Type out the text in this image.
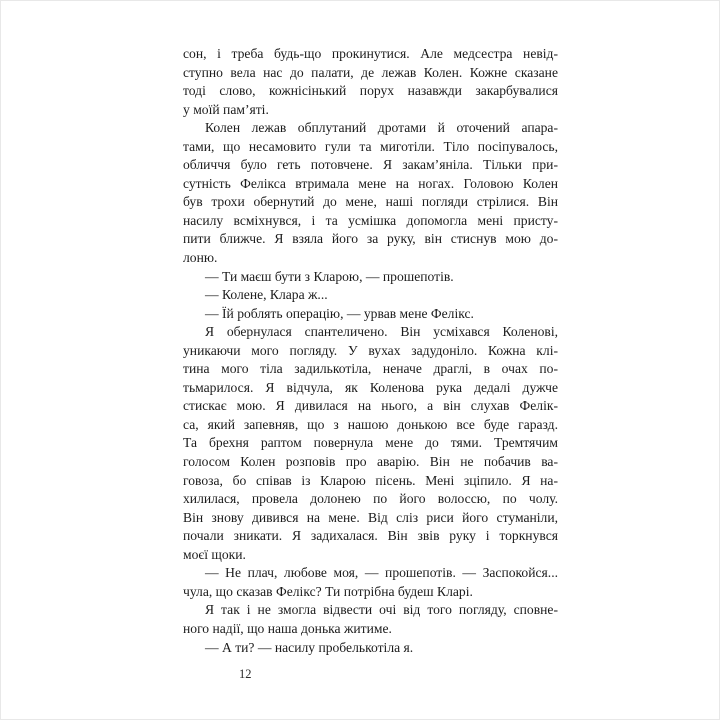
сон, і треба будь-що прокинутися. Але медсестра невід-
ступно вела нас до палати, де лежав Колен. Кожне сказане
тоді слово, кожнісінький порух назавжди закарбувалися
у моїй пам’яті.
Колен лежав обплутаний дротами й оточений апара-
тами, що несамовито гули та миготіли. Тіло посіпувалось,
обличчя було геть потовчене. Я закам’яніла. Тільки при-
сутність Фелікса втримала мене на ногах. Головою Колен
був трохи обернутий до мене, наші погляди стрілися. Він
насилу всміхнувся, і та усмішка допомогла мені присту-
пити ближче. Я взяла його за руку, він стиснув мою до-
лоню.
— Ти маєш бути з Кларою, — прошепотів.
— Колене, Клара ж...
— Їй роблять операцію, — урвав мене Фелікс.
Я обернулася спантеличено. Він усміхався Коленові,
уникаючи мого погляду. У вухах задудоніло. Кожна клі-
тина мого тіла задилькотіла, неначе драглі, в очах по-
тьмарилося. Я відчула, як Коленова рука дедалі дужче
стискає мою. Я дивилася на нього, а він слухав Фелік-
са, який запевняв, що з нашою донькою все буде гаразд.
Та брехня раптом повернула мене до тями. Тремтячим
голосом Колен розповів про аварію. Він не побачив ва-
говоза, бо співав із Кларою пісень. Мені зціпило. Я на-
хилилася, провела долонею по його волоссю, по чолу.
Він знову дивився на мене. Від сліз риси його стуманіли,
почали зникати. Я задихалася. Він звів руку і торкнувся
моєї щоки.
— Не плач, любове моя, — прошепотів. — Заспокойся...
чула, що сказав Фелікс? Ти потрібна будеш Кларі.
Я так і не змогла відвести очі від того погляду, сповне-
ного надії, що наша донька житиме.
— А ти? — насилу пробелькотіла я.
12
